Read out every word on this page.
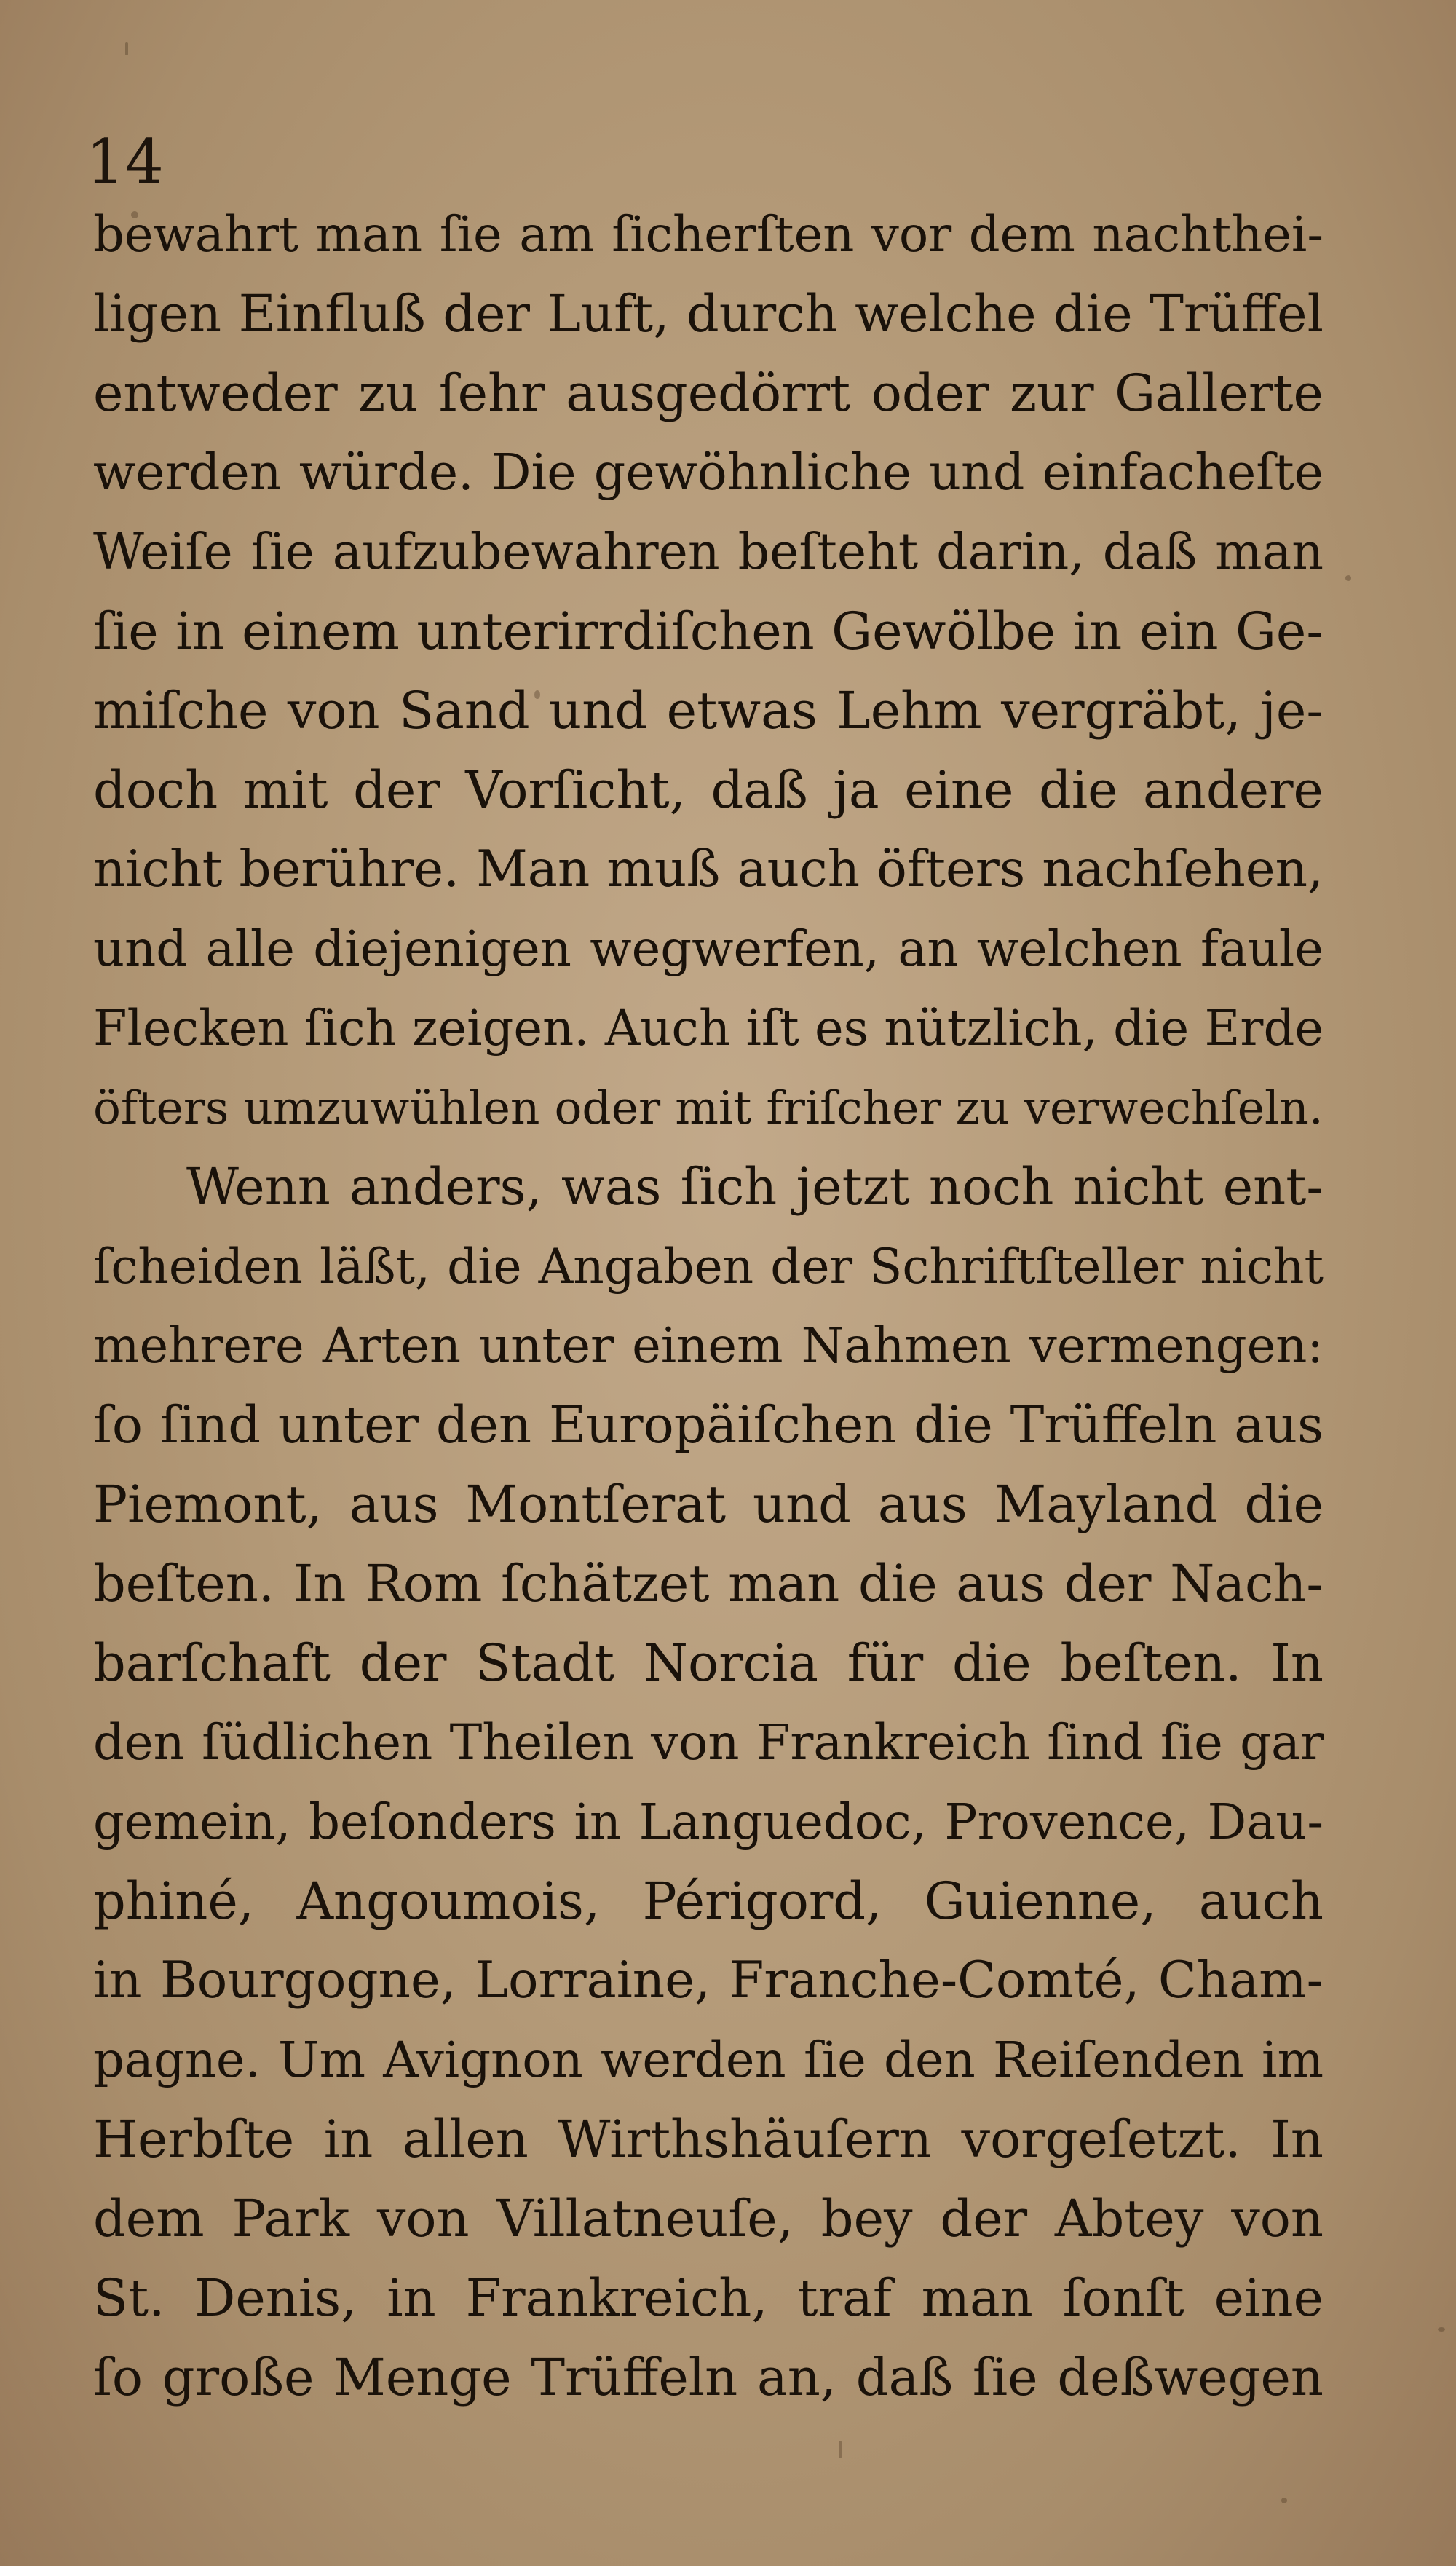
14
bewahrt man ſie am ſicherſten vor dem nachthei-
ligen Einfluß der Luft, durch welche die Trüffel
entweder zu ſehr ausgedörrt oder zur Gallerte
werden würde. Die gewöhnliche und einfacheſte
Weiſe ſie aufzubewahren beſteht darin, daß man
ſie in einem unterirrdiſchen Gewölbe in ein Ge-
miſche von Sand und etwas Lehm vergräbt, je-
doch mit der Vorſicht, daß ja eine die andere
nicht berühre. Man muß auch öfters nachſehen,
und alle diejenigen wegwerfen, an welchen faule
Flecken ſich zeigen. Auch iſt es nützlich, die Erde
öfters umzuwühlen oder mit friſcher zu verwechſeln.
Wenn anders, was ſich jetzt noch nicht ent-
ſcheiden läßt, die Angaben der Schriftſteller nicht
mehrere Arten unter einem Nahmen vermengen:
ſo ſind unter den Europäiſchen die Trüffeln aus
Piemont, aus Montſerat und aus Mayland die
beſten. In Rom ſchätzet man die aus der Nach-
barſchaft der Stadt Norcia für die beſten. In
den ſüdlichen Theilen von Frankreich ſind ſie gar
gemein, beſonders in Languedoc, Provence, Dau-
phiné, Angoumois, Périgord, Guienne, auch
in Bourgogne, Lorraine, Franche-Comté, Cham-
pagne. Um Avignon werden ſie den Reiſenden im
Herbſte in allen Wirthshäuſern vorgeſetzt. In
dem Park von Villatneuſe, bey der Abtey von
St. Denis, in Frankreich, traf man ſonſt eine
ſo große Menge Trüffeln an, daß ſie deßwegen
